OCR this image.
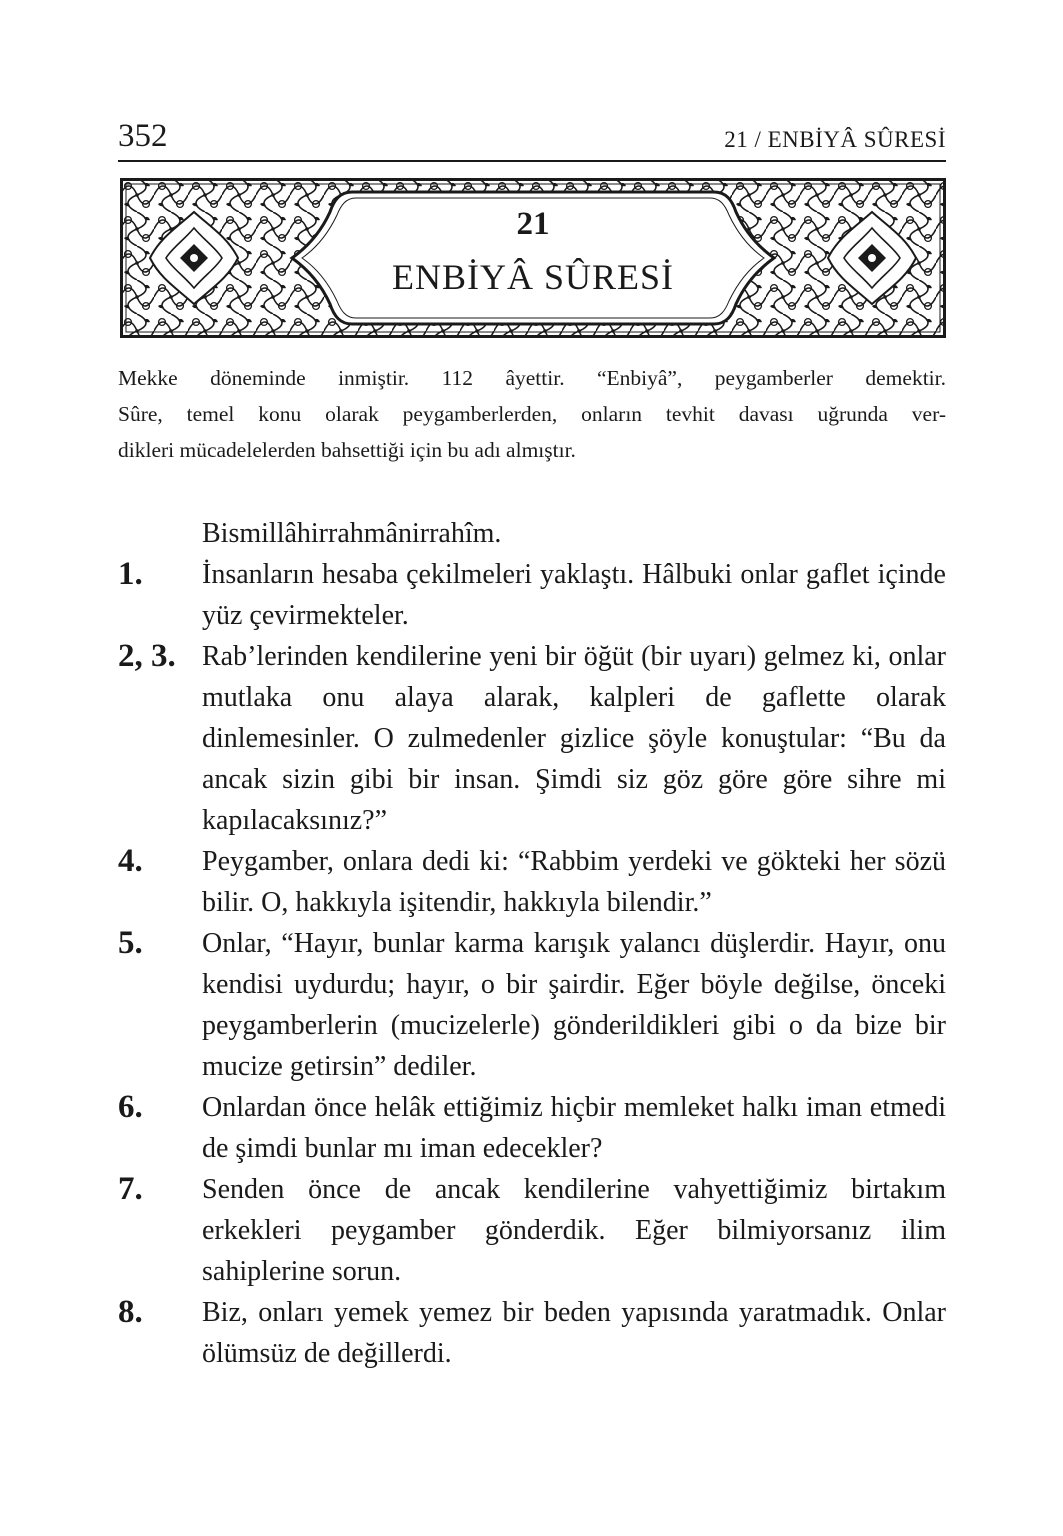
352	21 / ENBİYÂ SÛRESİ
21
ENBİYÂ SÛRESİ

Mekke döneminde inmiştir. 112 âyettir. “Enbiyâ”, peygamberler demektir.

Sûre, temel konu olarak peygamberlerden, onların tevhit davası uğrunda ver-

dikleri mücadelelerden bahsettiği için bu adı almıştır.

Bismillâhirrahmânirrahîm.
1.	İnsanların hesaba çekilmeleri yaklaştı. Hâlbuki onlar gaflet içinde yüz çevirmekteler.
2, 3. Rab’lerinden kendilerine yeni bir öğüt (bir uyarı) gelmez ki, onlar mutlaka onu alaya alarak, kalpleri de gaflette olarak dinlemesinler. O zulmedenler gizlice şöyle konuştular: “Bu da ancak sizin gibi bir insan. Şimdi siz göz göre göre sihre mi kapılacaksınız?”
4.	Peygamber, onlara dedi ki: “Rabbim yerdeki ve gökteki her sözü bilir. O, hakkıyla işitendir, hakkıyla bilendir.”
5.	Onlar, “Hayır, bunlar karma karışık yalancı düşlerdir. Hayır, onu kendisi uydurdu; hayır, o bir şairdir. Eğer böyle değilse, önceki peygamberlerin (mucizelerle) gönderildikleri gibi o da bize bir mucize getirsin” dediler.
6.	Onlardan önce helâk ettiğimiz hiçbir memleket halkı iman etmedi de şimdi bunlar mı iman edecekler?
7.	Senden önce de ancak kendilerine vahyettiğimiz birtakım erkekleri peygamber gönderdik. Eğer bilmiyorsanız ilim sahiplerine sorun.
8.	Biz, onları yemek yemez bir beden yapısında yaratmadık. Onlar ölümsüz de değillerdi.
